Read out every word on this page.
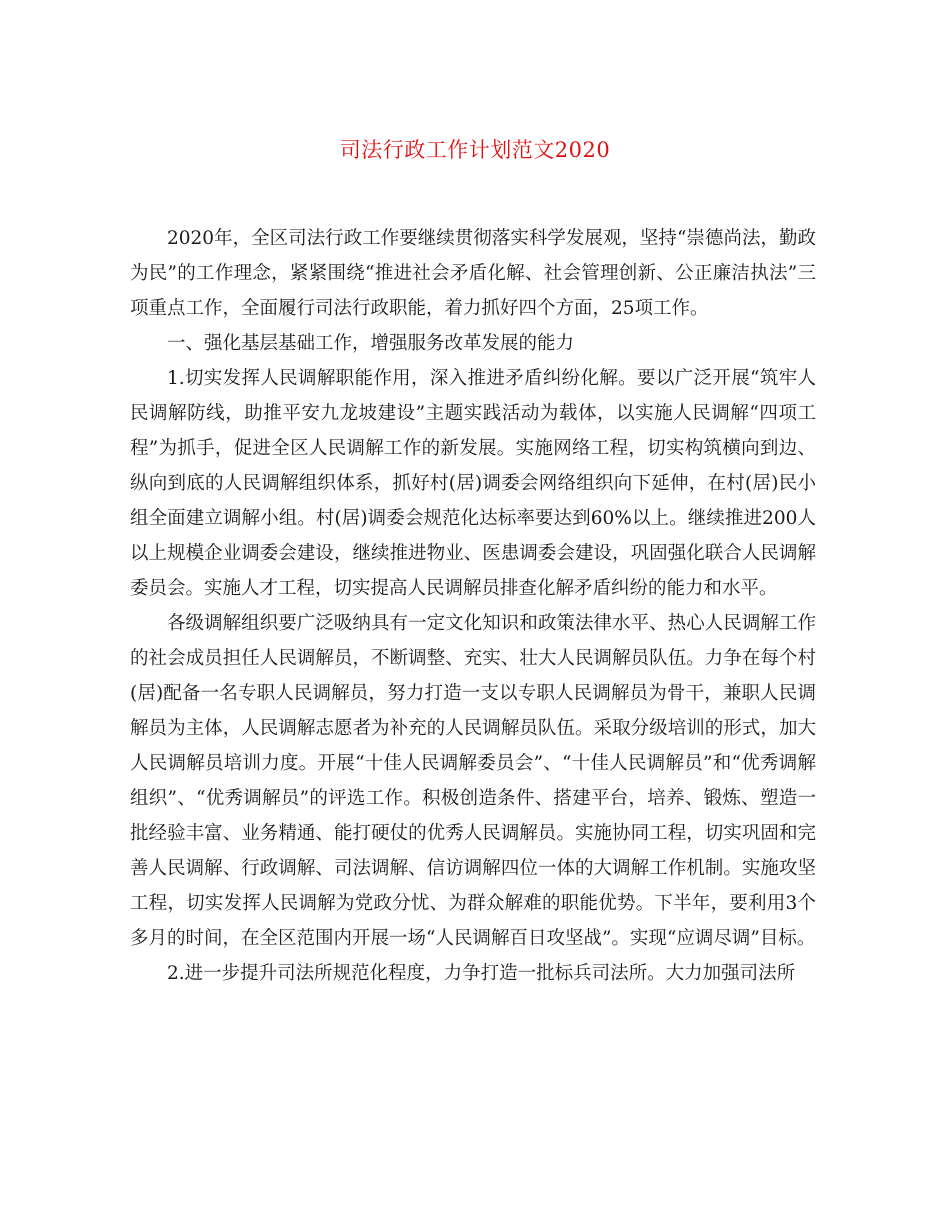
司法行政工作计划范文2020

2020年，全区司法行政工作要继续贯彻落实科学发展观，坚持“崇德尚法，勤政为民”的工作理念，紧紧围绕“推进社会矛盾化解、社会管理创新、公正廉洁执法”三项重点工作，全面履行司法行政职能，着力抓好四个方面，25项工作。

一、强化基层基础工作，增强服务改革发展的能力

1.切实发挥人民调解职能作用，深入推进矛盾纠纷化解。要以广泛开展“筑牢人民调解防线，助推平安九龙坡建设”主题实践活动为载体，以实施人民调解“四项工程”为抓手，促进全区人民调解工作的新发展。实施网络工程，切实构筑横向到边、纵向到底的人民调解组织体系，抓好村(居)调委会网络组织向下延伸，在村(居)民小组全面建立调解小组。村(居)调委会规范化达标率要达到60%以上。继续推进200人以上规模企业调委会建设，继续推进物业、医患调委会建设，巩固强化联合人民调解委员会。实施人才工程，切实提高人民调解员排查化解矛盾纠纷的能力和水平。

各级调解组织要广泛吸纳具有一定文化知识和政策法律水平、热心人民调解工作的社会成员担任人民调解员，不断调整、充实、壮大人民调解员队伍。力争在每个村(居)配备一名专职人民调解员，努力打造一支以专职人民调解员为骨干，兼职人民调解员为主体，人民调解志愿者为补充的人民调解员队伍。采取分级培训的形式，加大人民调解员培训力度。开展“十佳人民调解委员会”、“十佳人民调解员”和“优秀调解组织”、“优秀调解员”的评选工作。积极创造条件、搭建平台，培养、锻炼、塑造一批经验丰富、业务精通、能打硬仗的优秀人民调解员。实施协同工程，切实巩固和完善人民调解、行政调解、司法调解、信访调解四位一体的大调解工作机制。实施攻坚工程，切实发挥人民调解为党政分忧、为群众解难的职能优势。下半年，要利用3个多月的时间，在全区范围内开展一场“人民调解百日攻坚战”。实现“应调尽调”目标。

2.进一步提升司法所规范化程度，力争打造一批标兵司法所。大力加强司法所
